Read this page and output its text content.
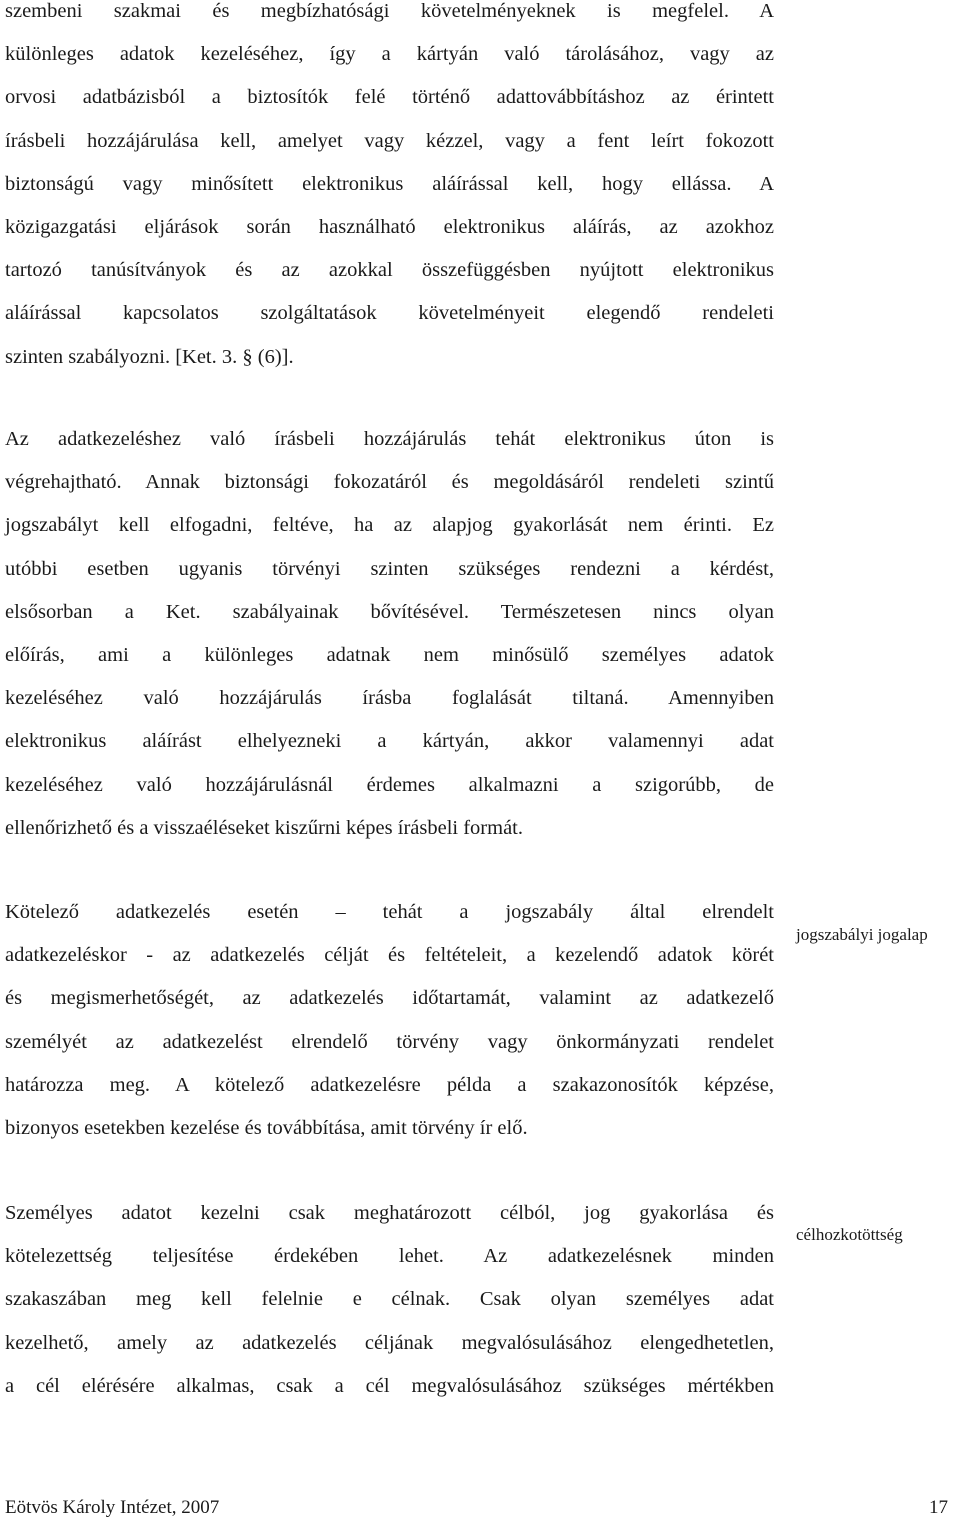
szembeni szakmai és megbízhatósági követelményeknek is megfelel. A
különleges adatok kezeléséhez, így a kártyán való tárolásához, vagy az
orvosi adatbázisból a biztosítók felé történő adattovábbításhoz az érintett
írásbeli hozzájárulása kell, amelyet vagy kézzel, vagy a fent leírt fokozott
biztonságú vagy minősített elektronikus aláírással kell, hogy ellássa. A
közigazgatási eljárások során használható elektronikus aláírás, az azokhoz
tartozó tanúsítványok és az azokkal összefüggésben nyújtott elektronikus
aláírással kapcsolatos szolgáltatások követelményeit elegendő rendeleti
szinten szabályozni. [Ket. 3. § (6)].
Az adatkezeléshez való írásbeli hozzájárulás tehát elektronikus úton is
végrehajtható. Annak biztonsági fokozatáról és megoldásáról rendeleti szintű
jogszabályt kell elfogadni, feltéve, ha az alapjog gyakorlását nem érinti. Ez
utóbbi esetben ugyanis törvényi szinten szükséges rendezni a kérdést,
elsősorban a Ket. szabályainak bővítésével. Természetesen nincs olyan
előírás, ami a különleges adatnak nem minősülő személyes adatok
kezeléséhez való hozzájárulás írásba foglalását tiltaná. Amennyiben
elektronikus aláírást elhelyezneki a kártyán, akkor valamennyi adat
kezeléséhez való hozzájárulásnál érdemes alkalmazni a szigorúbb, de
ellenőrizhető és a visszaéléseket kiszűrni képes írásbeli formát.
Kötelező adatkezelés esetén – tehát a jogszabály által elrendelt
adatkezeléskor - az adatkezelés célját és feltételeit, a kezelendő adatok körét
és megismerhetőségét, az adatkezelés időtartamát, valamint az adatkezelő
személyét az adatkezelést elrendelő törvény vagy önkormányzati rendelet
határozza meg. A kötelező adatkezelésre példa a szakazonosítók képzése,
bizonyos esetekben kezelése és továbbítása, amit törvény ír elő.
jogszabályi jogalap
Személyes adatot kezelni csak meghatározott célból, jog gyakorlása és
kötelezettség teljesítése érdekében lehet. Az adatkezelésnek minden
szakaszában meg kell felelnie e célnak. Csak olyan személyes adat
kezelhető, amely az adatkezelés céljának megvalósulásához elengedhetetlen,
a cél elérésére alkalmas, csak a cél megvalósulásához szükséges mértékben
célhozkotöttség
Eötvös Károly Intézet, 2007	17
